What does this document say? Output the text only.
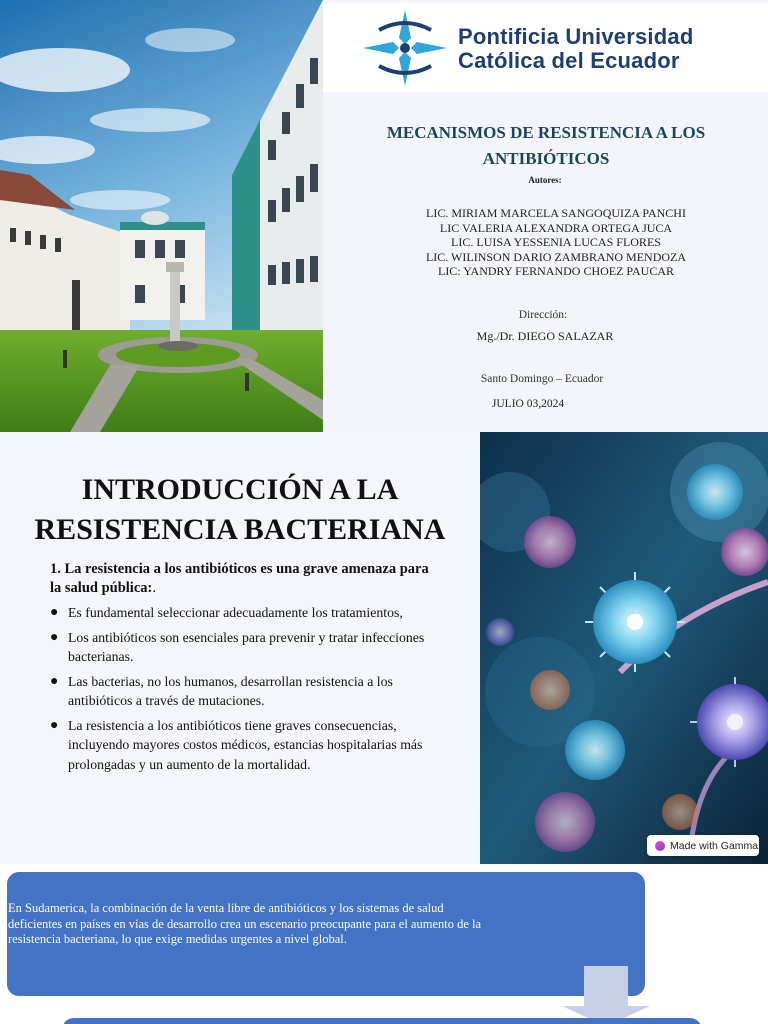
Pontificia Universidad
Católica del Ecuador
MECANISMOS DE RESISTENCIA A LOS ANTIBIÓTICOS
Autores:
LIC. MIRIAM MARCELA SANGOQUIZA PANCHI
LIC VALERIA ALEXANDRA ORTEGA JUCA
LIC. LUISA YESSENIA LUCAS FLORES
LIC. WILINSON DARIO ZAMBRANO MENDOZA
LIC: YANDRY FERNANDO CHOEZ PAUCAR
Dirección:
Mg./Dr. DIEGO SALAZAR
Santo Domingo – Ecuador
JULIO 03,2024
INTRODUCCIÓN A LA RESISTENCIA BACTERIANA
1. La resistencia a los antibióticos es una grave amenaza para la salud pública:.
● Es fundamental seleccionar adecuadamente los tratamientos,
● Los antibióticos son esenciales para prevenir y tratar infecciones bacterianas.
● Las bacterias, no los humanos, desarrollan resistencia a los antibióticos a través de mutaciones.
● La resistencia a los antibióticos tiene graves consecuencias, incluyendo mayores costos médicos, estancias hospitalarias más prolongadas y un aumento de la mortalidad.
Made with Gamma
En Sudamerica, la combinación de la venta libre de antibióticos y los sistemas de salud deficientes en países en vías de desarrollo crea un escenario preocupante para el aumento de la resistencia bacteriana, lo que exige medidas urgentes a nivel global.
